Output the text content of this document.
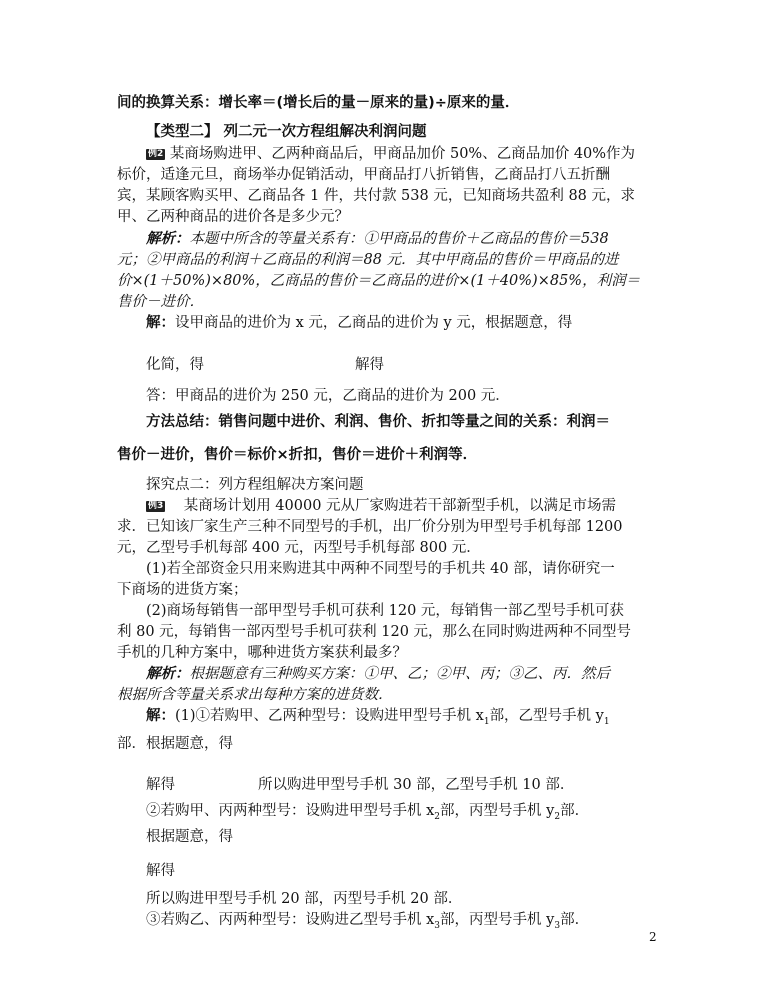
间的换算关系：增长率＝(增长后的量－原来的量)÷原来的量．
【类型二】 列二元一次方程组解决利润问题
例2 某商场购进甲、乙两种商品后，甲商品加价 50%、乙商品加价 40%作为
标价，适逢元旦，商场举办促销活动，甲商品打八折销售，乙商品打八五折酬
宾，某顾客购买甲、乙商品各 1 件，共付款 538 元，已知商场共盈利 88 元，求
甲、乙两种商品的进价各是多少元？
解析：本题中所含的等量关系有：①甲商品的售价＋乙商品的售价＝538
元；②甲商品的利润＋乙商品的利润＝88 元．其中甲商品的售价＝甲商品的进
价×(1＋50%)×80%，乙商品的售价＝乙商品的进价×(1＋40%)×85%，利润＝
售价－进价．
解：设甲商品的进价为 x 元，乙商品的进价为 y 元，根据题意，得
化简，得	解得
答：甲商品的进价为 250 元，乙商品的进价为 200 元．
方法总结：销售问题中进价、利润、售价、折扣等量之间的关系：利润＝
售价－进价，售价＝标价×折扣，售价＝进价＋利润等．
探究点二：列方程组解决方案问题
例3 某商场计划用 40000 元从厂家购进若干部新型手机，以满足市场需
求．已知该厂家生产三种不同型号的手机，出厂价分别为甲型号手机每部 1200
元，乙型号手机每部 400 元，丙型号手机每部 800 元．
(1)若全部资金只用来购进其中两种不同型号的手机共 40 部，请你研究一
下商场的进货方案；
(2)商场每销售一部甲型号手机可获利 120 元，每销售一部乙型号手机可获
利 80 元，每销售一部丙型号手机可获利 120 元，那么在同时购进两种不同型号
手机的几种方案中，哪种进货方案获利最多？
解析：根据题意有三种购买方案：①甲、乙；②甲、丙；③乙、丙．然后
根据所含等量关系求出每种方案的进货数．
解：(1)①若购甲、乙两种型号：设购进甲型号手机 $x_1$部，乙型号手机 $y_1$
部．根据题意，得
解得	所以购进甲型号手机 30 部，乙型号手机 10 部．
②若购甲、丙两种型号：设购进甲型号手机 $x_2$部，丙型号手机 $y_2$部．
根据题意，得
解得
所以购进甲型号手机 20 部，丙型号手机 20 部．
③若购乙、丙两种型号：设购进乙型号手机 $x_3$部，丙型号手机 $y_3$部．
2
